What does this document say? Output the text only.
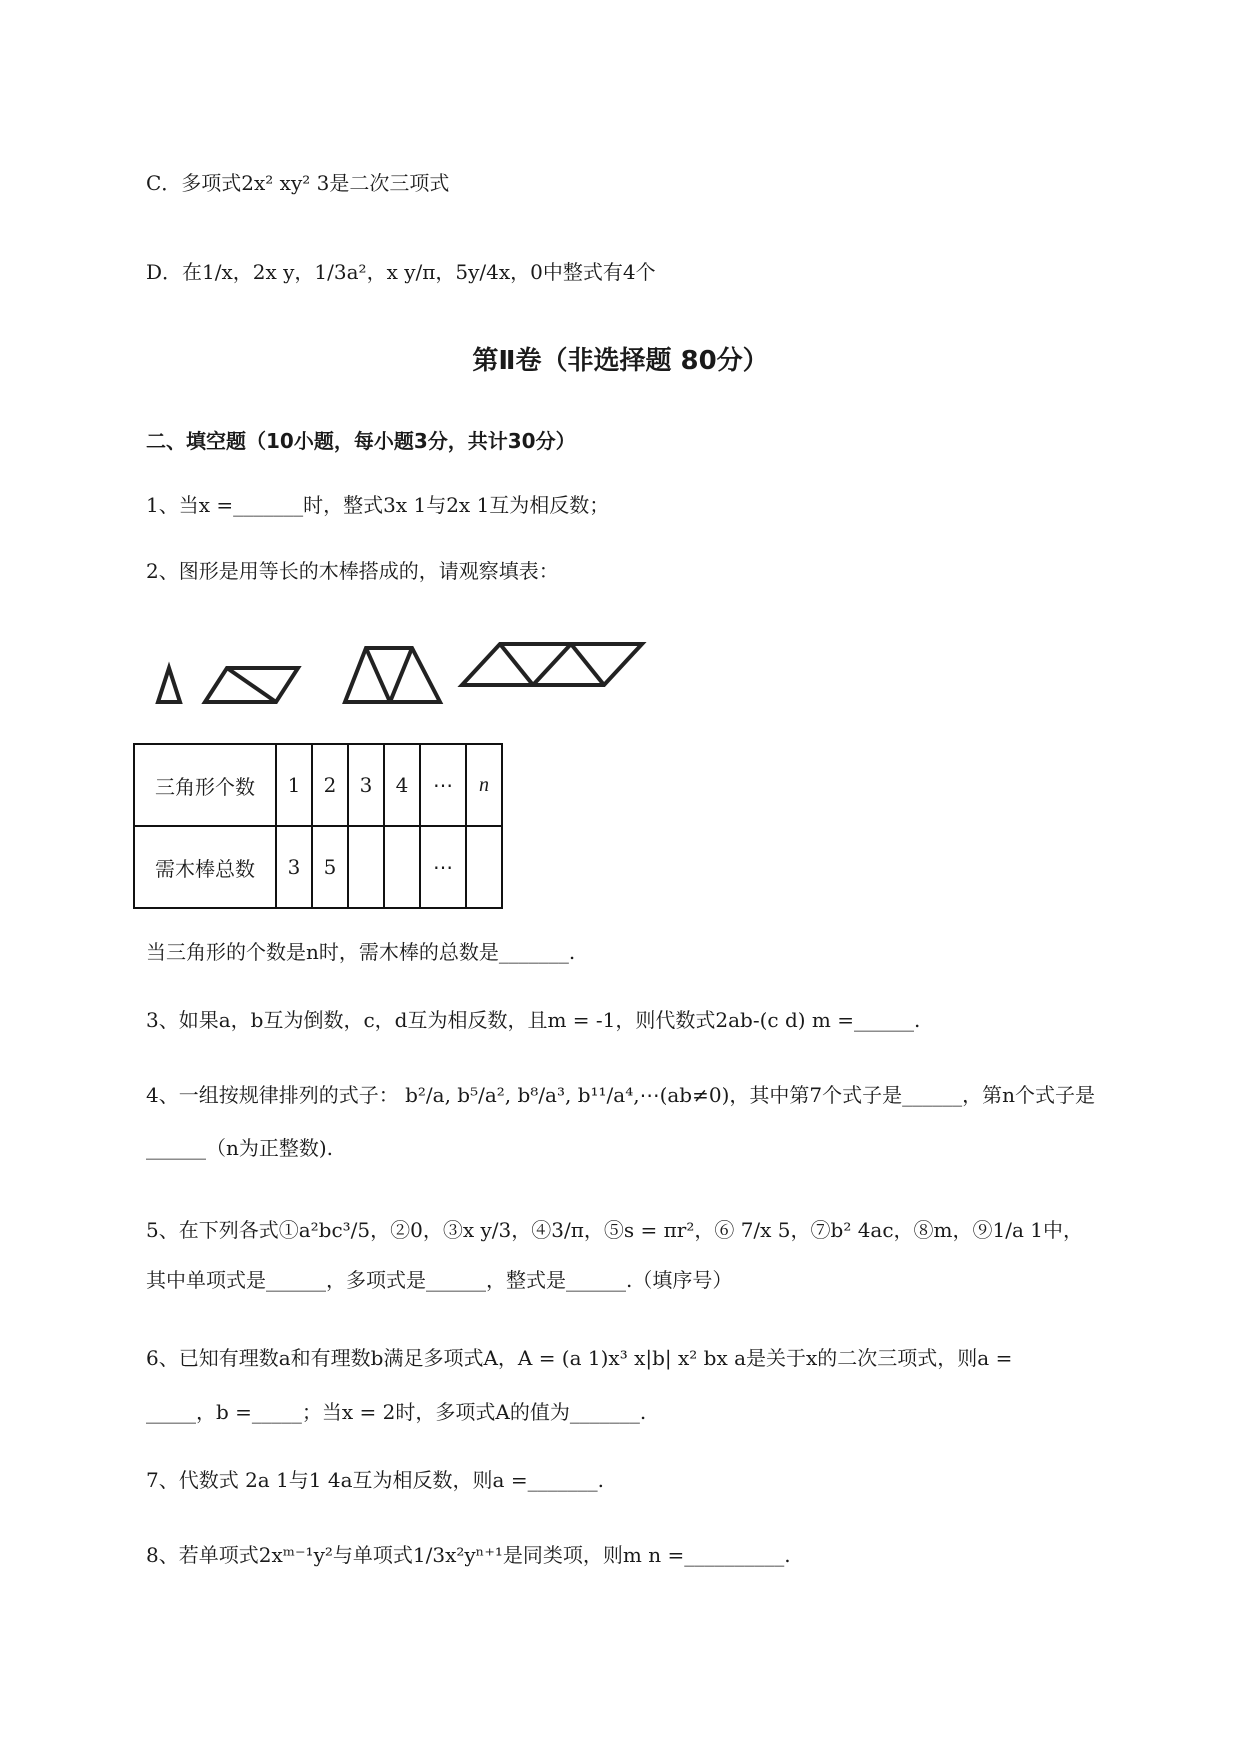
C．多项式2x² xy² 3是二次三项式
D．在1/x，2x y，1/3a²，x y/π，5y/4x，0中整式有4个
第Ⅱ卷（非选择题 80分）
二、填空题（10小题，每小题3分，共计30分）
1、当x =_______时，整式3x 1与2x 1互为相反数；
2、图形是用等长的木棒搭成的，请观察填表：
三角形个数	1	2	3	4	⋯	n
需木棒总数	3	5			⋯	
当三角形的个数是n时，需木棒的总数是_______.
3、如果a，b互为倒数，c，d互为相反数，且m = -1，则代数式2ab-(c d) m =______.
4、一组按规律排列的式子： b²/a, b⁵/a², b⁸/a³, b¹¹/a⁴,⋯(ab≠0)，其中第7个式子是______，第n个式子是
______（n为正整数).
5、在下列各式①a²bc³/5，②0，③x y/3，④3/π，⑤s = πr²，⑥ 7/x 5，⑦b² 4ac，⑧m，⑨1/a 1中，
其中单项式是______，多项式是______，整式是______.（填序号）
6、已知有理数a和有理数b满足多项式A，A = (a 1)x³ x|b| x² bx a是关于x的二次三项式，则a =
_____，b =_____；当x = 2时，多项式A的值为_______.
7、代数式 2a 1与1 4a互为相反数，则a =_______.
8、若单项式2xᵐ⁻¹y²与单项式1/3x²yⁿ⁺¹是同类项，则m n =__________.
